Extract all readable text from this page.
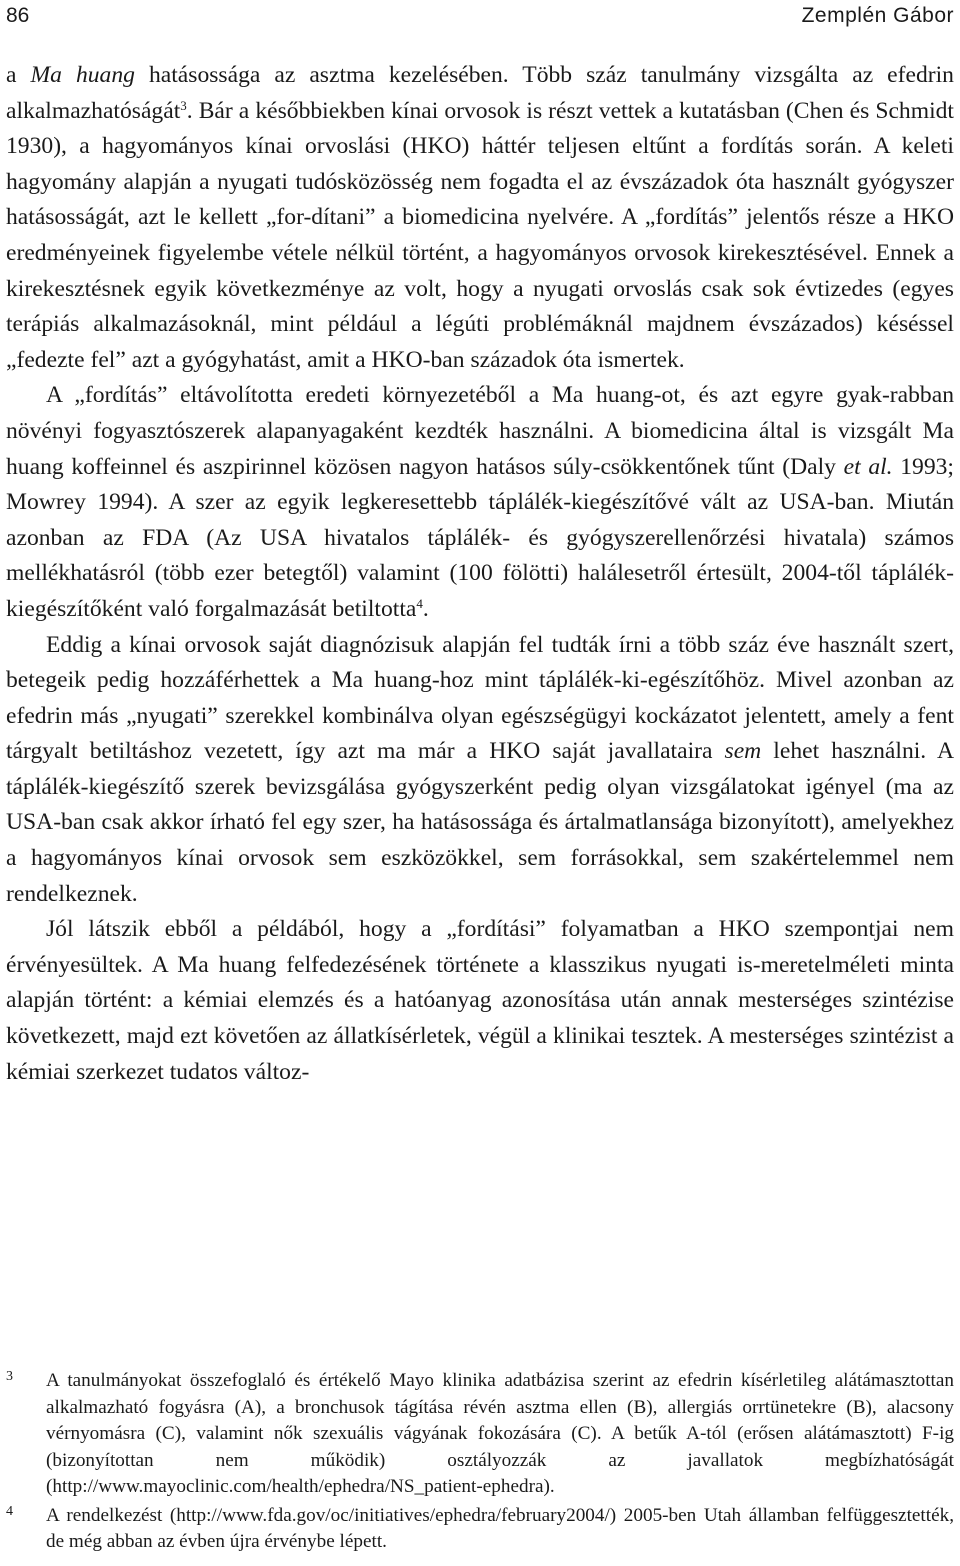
86	Zemplén Gábor

a Ma huang hatásossága az asztma kezelésében. Több száz tanulmány vizsgálta az efedrin alkalmazhatóságát$^3$. Bár a későbbiekben kínai orvosok is részt vettek a kutatásban (Chen és Schmidt 1930), a hagyományos kínai orvoslási (HKO) háttér teljesen eltűnt a fordítás során. A keleti hagyomány alapján a nyugati tudósközösség nem fogadta el az évszázadok óta használt gyógyszer hatásosságát, azt le kellett „for-dítani” a biomedicina nyelvére. A „fordítás” jelentős része a HKO eredményeinek figyelembe vétele nélkül történt, a hagyományos orvosok kirekesztésével. Ennek a kirekesztésnek egyik következménye az volt, hogy a nyugati orvoslás csak sok évtizedes (egyes terápiás alkalmazásoknál, mint például a légúti problémáknál majdnem évszázados) késéssel „fedezte fel” azt a gyógyhatást, amit a HKO-ban századok óta ismertek.

A „fordítás” eltávolította eredeti környezetéből a Ma huang-ot, és azt egyre gyak-rabban növényi fogyasztószerek alapanyagaként kezdték használni. A biomedicina által is vizsgált Ma huang koffeinnel és aszpirinnel közösen nagyon hatásos súly-csökkentőnek tűnt (Daly et al. 1993; Mowrey 1994). A szer az egyik legkeresettebb táplálék-kiegészítővé vált az USA-ban. Miután azonban az FDA (Az USA hivatalos táplálék- és gyógyszerellenőrzési hivatala) számos mellékhatásról (több ezer betegtől) valamint (100 fölötti) halálesetről értesült, 2004-től táplálék-kiegészítőként való forgalmazását betiltotta$^4$.

Eddig a kínai orvosok saját diagnózisuk alapján fel tudták írni a több száz éve használt szert, betegeik pedig hozzáférhettek a Ma huang-hoz mint táplálék-ki-egészítőhöz. Mivel azonban az efedrin más „nyugati” szerekkel kombinálva olyan egészségügyi kockázatot jelentett, amely a fent tárgyalt betiltáshoz vezetett, így azt ma már a HKO saját javallataira sem lehet használni. A táplálék-kiegészítő szerek bevizsgálása gyógyszerként pedig olyan vizsgálatokat igényel (ma az USA-ban csak akkor írható fel egy szer, ha hatásossága és ártalmatlansága bizonyított), amelyekhez a hagyományos kínai orvosok sem eszközökkel, sem forrásokkal, sem szakértelemmel nem rendelkeznek.

Jól látszik ebből a példából, hogy a „fordítási” folyamatban a HKO szempontjai nem érvényesültek. A Ma huang felfedezésének története a klasszikus nyugati is-meretelméleti minta alapján történt: a kémiai elemzés és a hatóanyag azonosítása után annak mesterséges szintézise következett, majd ezt követően az állatkísérletek, végül a klinikai tesztek. A mesterséges szintézist a kémiai szerkezet tudatos változ-

3 A tanulmányokat összefoglaló és értékelő Mayo klinika adatbázisa szerint az efedrin kísérletileg alátámasztottan alkalmazható fogyásra (A), a bronchusok tágítása révén asztma ellen (B), allergiás orrtünetekre (B), alacsony vérnyomásra (C), valamint nők szexuális vágyának fokozására (C). A betűk A-tól (erősen alátámasztott) F-ig (bizonyítottan nem működik) osztályozzák az javallatok megbízhatóságát (http://www.mayoclinic.com/health/ephedra/NS_patient-ephedra).
4 A rendelkezést (http://www.fda.gov/oc/initiatives/ephedra/february2004/) 2005-ben Utah államban felfüggesztették, de még abban az évben újra érvénybe lépett.
